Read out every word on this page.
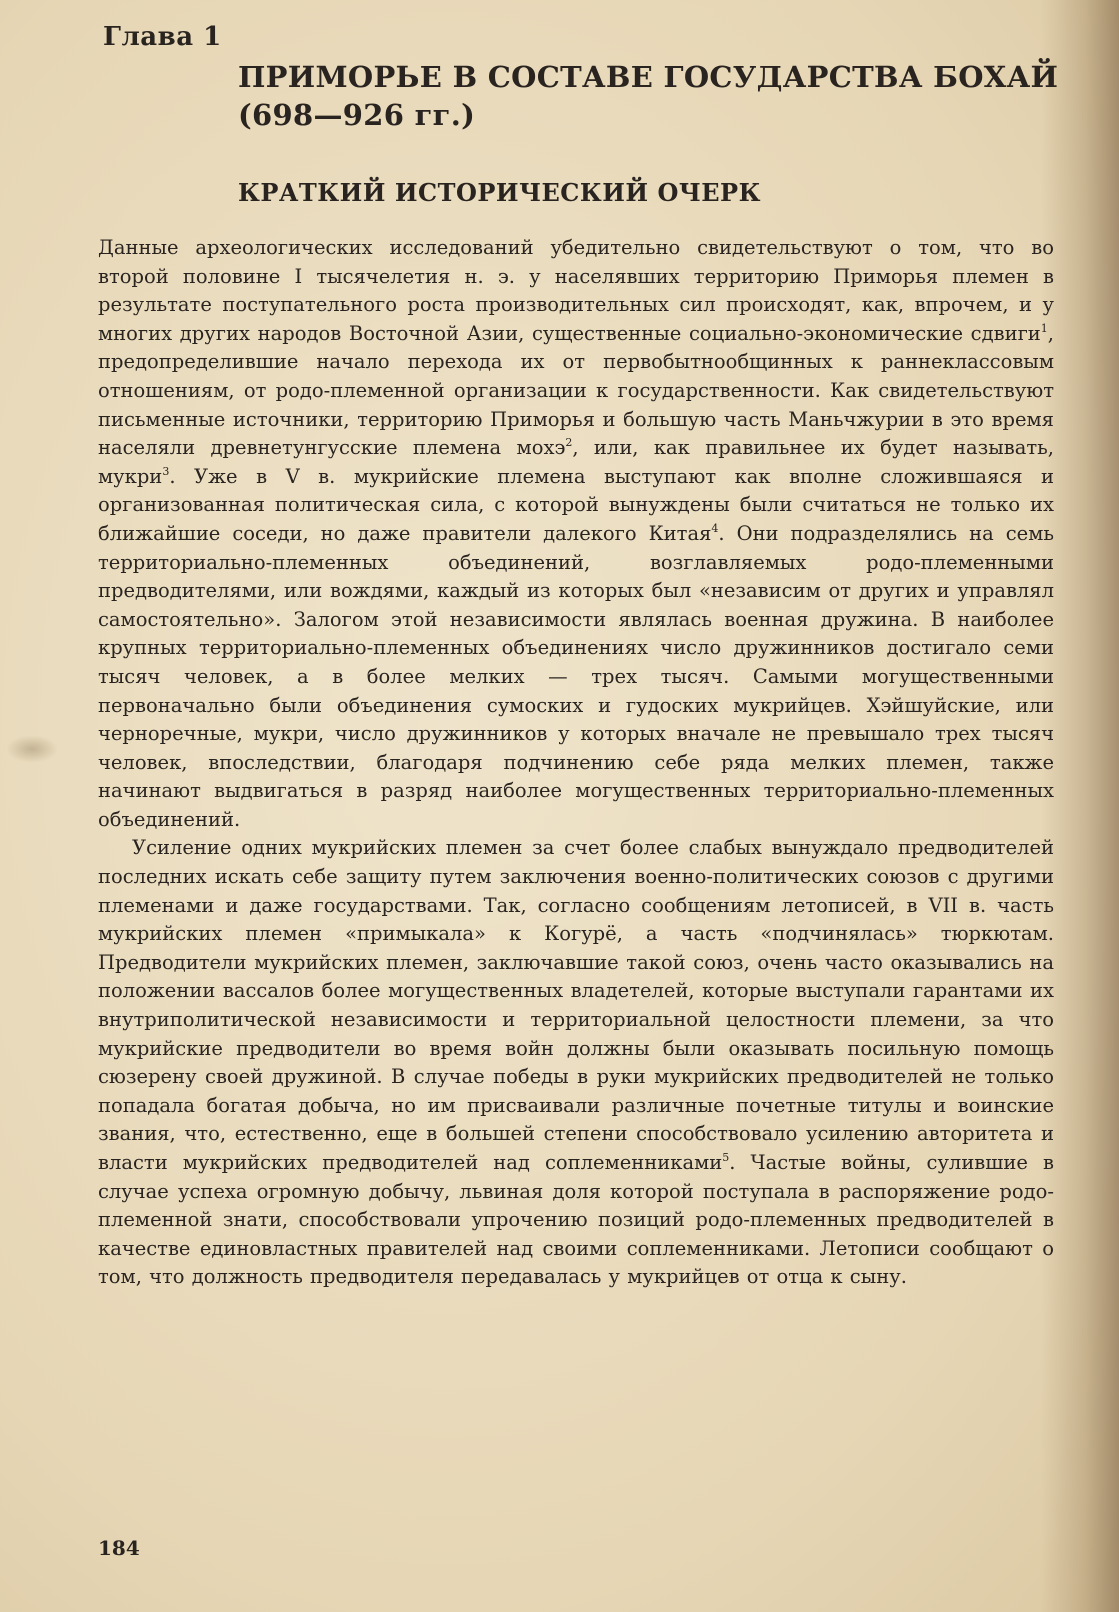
Глава 1
ПРИМОРЬЕ В СОСТАВЕ ГОСУДАРСТВА БОХАЙ
(698—926 гг.)
КРАТКИЙ ИСТОРИЧЕСКИЙ ОЧЕРК

Данные археологических исследований убедительно свидетельствуют о том, что во второй половине I тысячелетия н. э. у населявших территорию Приморья племен в результате поступательного роста производительных сил происходят, как, впрочем, и у многих других народов Восточной Азии, существенные социально-экономические сдвиги$^1$, предопределившие начало перехода их от первобытнообщинных к раннеклассовым отношениям, от родо-племенной организации к государственности. Как свидетельствуют письменные источники, территорию Приморья и большую часть Маньчжурии в это время населяли древнетунгусские племена мохэ$^2$, или, как правильнее их будет называть, мукри$^3$. Уже в V в. мукрийские племена выступают как вполне сложившаяся и организованная политическая сила, с которой вынуждены были считаться не только их ближайшие соседи, но даже правители далекого Китая$^4$. Они подразделялись на семь территориально-племенных объединений, возглавляемых родо-племенными предводителями, или вождями, каждый из которых был «независим от других и управлял самостоятельно». Залогом этой независимости являлась военная дружина. В наиболее крупных территориально-племенных объединениях число дружинников достигало семи тысяч человек, а в более мелких — трех тысяч. Самыми могущественными первоначально были объединения сумоских и гудоских мукрийцев. Хэйшуйские, или черноречные, мукри, число дружинников у которых вначале не превышало трех тысяч человек, впоследствии, благодаря подчинению себе ряда мелких племен, также начинают выдвигаться в разряд наиболее могущественных территориально-племенных объединений.

Усиление одних мукрийских племен за счет более слабых вынуждало предводителей последних искать себе защиту путем заключения военно-политических союзов с другими племенами и даже государствами. Так, согласно сообщениям летописей, в VII в. часть мукрийских племен «примыкала» к Когурё, а часть «подчинялась» тюркютам. Предводители мукрийских племен, заключавшие такой союз, очень часто оказывались на положении вассалов более могущественных владетелей, которые выступали гарантами их внутриполитической независимости и территориальной целостности племени, за что мукрийские предводители во время войн должны были оказывать посильную помощь сюзерену своей дружиной. В случае победы в руки мукрийских предводителей не только попадала богатая добыча, но им присваивали различные почетные титулы и воинские звания, что, естественно, еще в большей степени способствовало усилению авторитета и власти мукрийских предводителей над соплеменниками$^5$. Частые войны, сулившие в случае успеха огромную добычу, львиная доля которой поступала в распоряжение родо-племенной знати, способствовали упрочению позиций родо-племенных предводителей в качестве единовластных правителей над своими соплеменниками. Летописи сообщают о том, что должность предводителя передавалась у мукрийцев от отца к сыну.

184
